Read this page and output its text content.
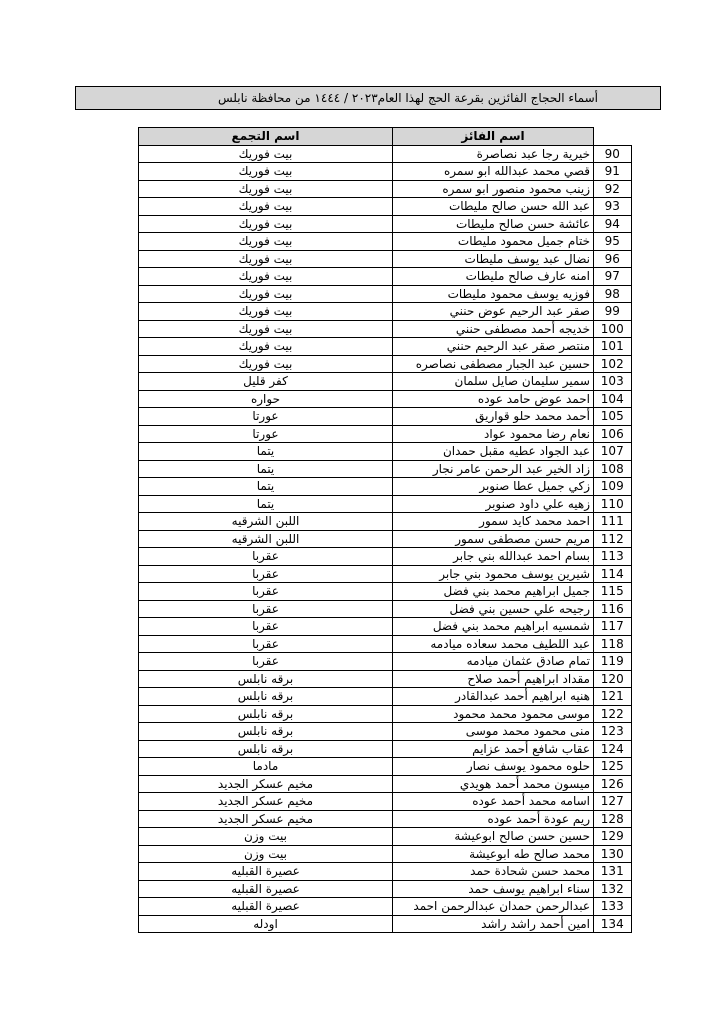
أسماء الحجاج الفائزين بقرعة الحج لهذا العام٢٠٢٣ / ١٤٤٤ من محافظة نابلس
	اسم الفائز	اسم التجمع
90	خيرية رجا عبد نصاصرة	بيت فوريك
91	قصي محمد عبدالله ابو سمره	بيت فوريك
92	زينب محمود منصور ابو سمره	بيت فوريك
93	عبد الله حسن صالح مليطات	بيت فوريك
94	عائشة حسن صالح مليطات	بيت فوريك
95	ختام جميل محمود مليطات	بيت فوريك
96	نضال عبد يوسف مليطات	بيت فوريك
97	امنه عارف صالح مليطات	بيت فوريك
98	فوزيه يوسف محمود مليطات	بيت فوريك
99	صقر عبد الرحيم عوض حنني	بيت فوريك
100	خديجه أحمد مصطفى حنني	بيت فوريك
101	منتصر صقر عبد الرحيم حنني	بيت فوريك
102	حسين عبد الجبار مصطفى نصاصره	بيت فوريك
103	سمير سليمان صايل سلمان	كفر قليل
104	احمد عوض حامد عوده	حواره
105	أحمد محمد حلو قواريق	عورتا
106	نعام رضا محمود عواد	عورتا
107	عبد الجواد عطيه مقبل حمدان	يتما
108	زاد الخير عبد الرحمن عامر نجار	يتما
109	زكي جميل عطا صنوبر	يتما
110	زهيه علي داود صنوبر	يتما
111	احمد محمد كايد سمور	اللبن الشرقيه
112	مريم حسن مصطفى سمور	اللبن الشرقيه
113	بسام احمد عبدالله بني جابر	عقربا
114	شيرين يوسف محمود بني جابر	عقربا
115	جميل ابراهيم محمد بني فضل	عقربا
116	رجيحه علي حسين بني فضل	عقربا
117	شمسيه ابراهيم محمد بني فضل	عقربا
118	عبد اللطيف محمد سعاده ميادمه	عقربا
119	تمام صادق عثمان ميادمه	عقربا
120	مقداد ابراهيم أحمد صلاح	برقه نابلس
121	هنيه ابراهيم أحمد عبدالقادر	برقه نابلس
122	موسى محمود محمد محمود	برقه نابلس
123	منى محمود محمد موسى	برقه نابلس
124	عقاب شافع أحمد عزايم	برقه نابلس
125	حلوه محمود يوسف نصار	مادما
126	ميسون محمد أحمد هويدي	مخيم عسكر الجديد
127	اسامه محمد أحمد عوده	مخيم عسكر الجديد
128	ريم عودة أحمد عوده	مخيم عسكر الجديد
129	حسين حسن صالح ابوعيشة	بيت وزن
130	محمد صالح طه ابوعيشة	بيت وزن
131	محمد حسن شحادة حمد	عصيرة القبليه
132	سناء ابراهيم يوسف حمد	عصيرة القبليه
133	عبدالرحمن حمدان عبدالرحمن احمد	عصيرة القبليه
134	امين أحمد راشد راشد	اودله
